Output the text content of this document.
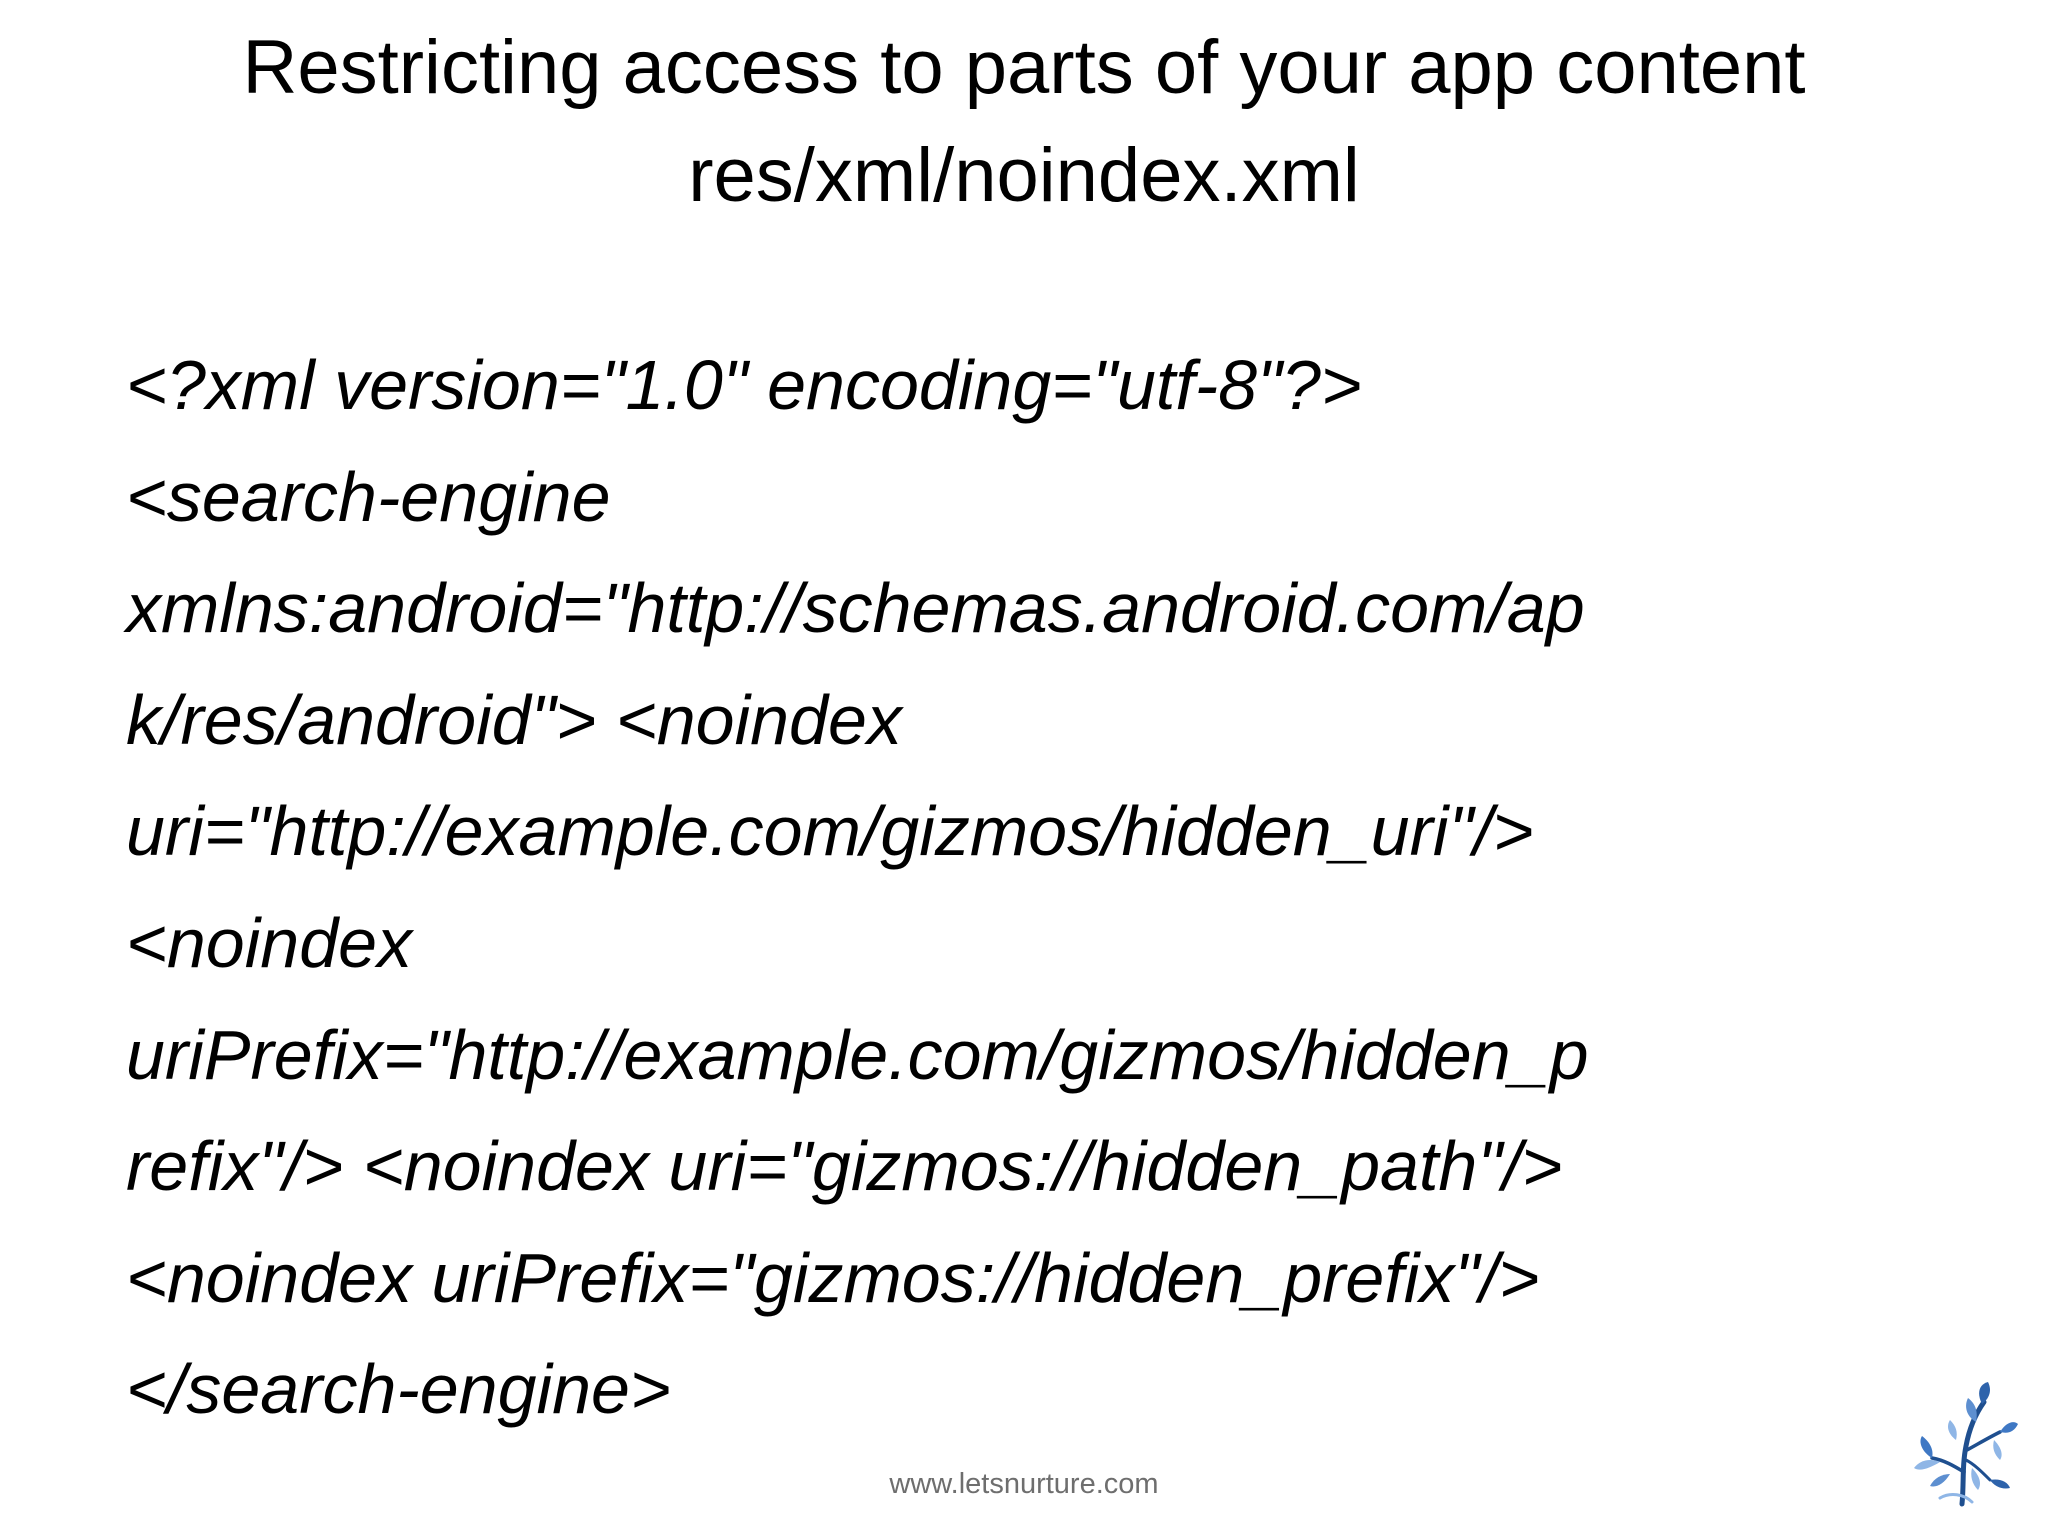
Restricting access to parts of your app content
res/xml/noindex.xml
<?xml version="1.0" encoding="utf-8"?>
<search-engine
xmlns:android="http://schemas.android.com/ap
k/res/android"> <noindex
uri="http://example.com/gizmos/hidden_uri"/>
<noindex
uriPrefix="http://example.com/gizmos/hidden_p
refix"/> <noindex uri="gizmos://hidden_path"/>
<noindex uriPrefix="gizmos://hidden_prefix"/>
</search-engine>
www.letsnurture.com
